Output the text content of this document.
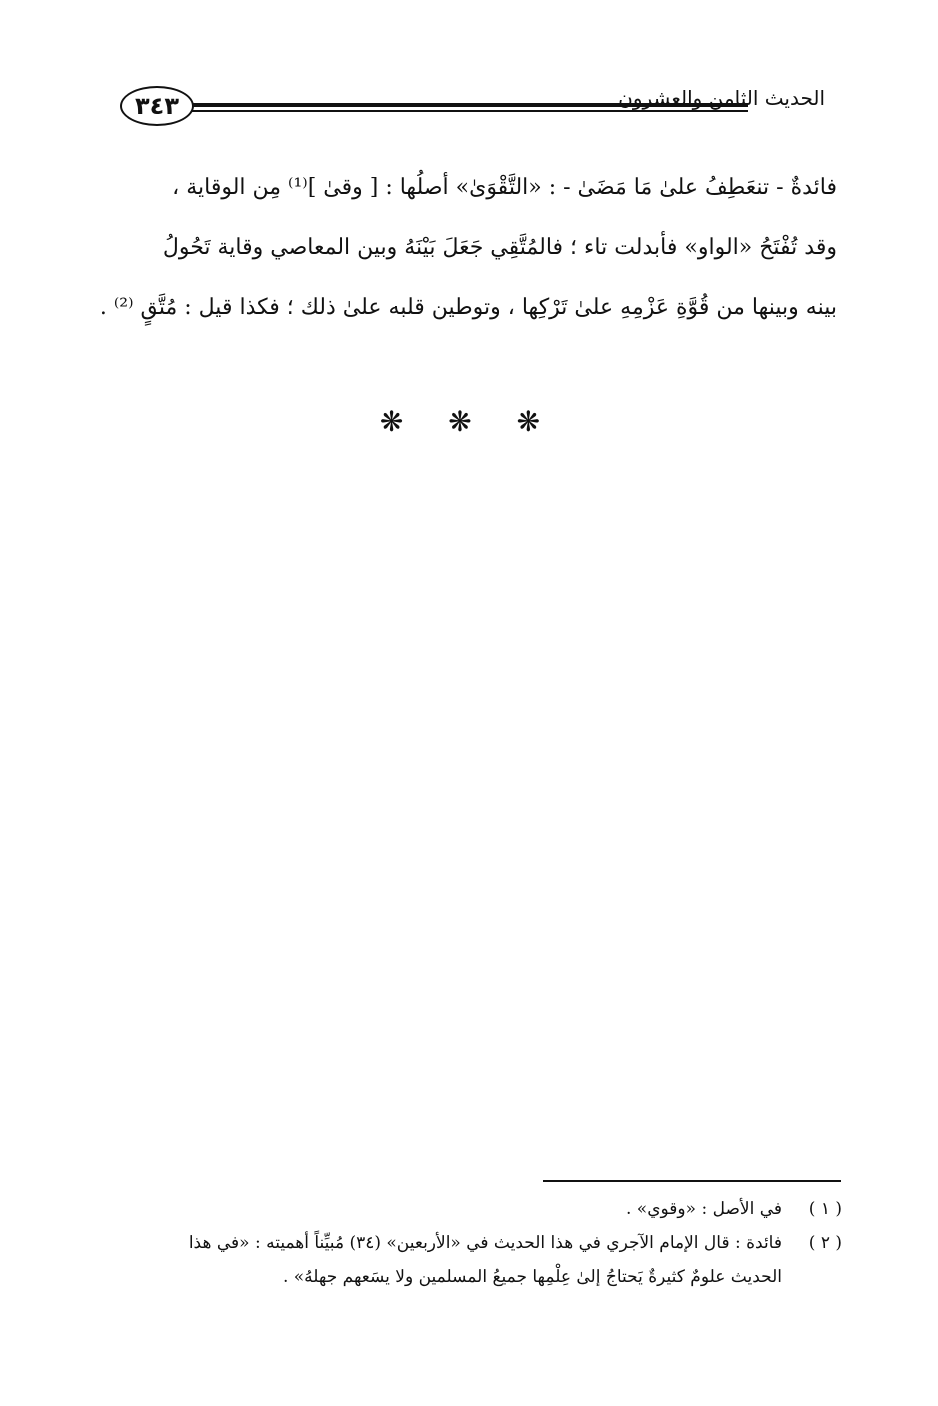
٣٤٣	الحديث الثامن والعشرون
فائدةٌ - تنعَطِفُ علىٰ مَا مَضَىٰ - : «التَّقْوَىٰ» أصلُها : [ وقىٰ ]⁽¹⁾ مِن الوقاية ،
وقد تُفْتَحُ «الواو» فأبدلت تاء ؛ فالمُتَّقِي جَعَلَ بَيْنَهُ وبين المعاصي وقاية تَحُولُ
بينه وبينها من قُوَّةِ عَزْمِهِ علىٰ تَرْكِها ، وتوطين قلبه علىٰ ذلك ؛ فكذا قيل : مُتَّقٍ ⁽²⁾ .
❋ ❋ ❋
( ١ )
في الأصل : «وقوي» .
( ٢ )
فائدة : قال الإمام الآجري في هذا الحديث في «الأربعين» (٣٤) مُبيِّناً أهميته : «في هذا
الحديث علومٌ كثيرةٌ يَحتاجُ إلىٰ عِلْمِها جميعُ المسلمين ولا يسَعهم جهلهُ» .
